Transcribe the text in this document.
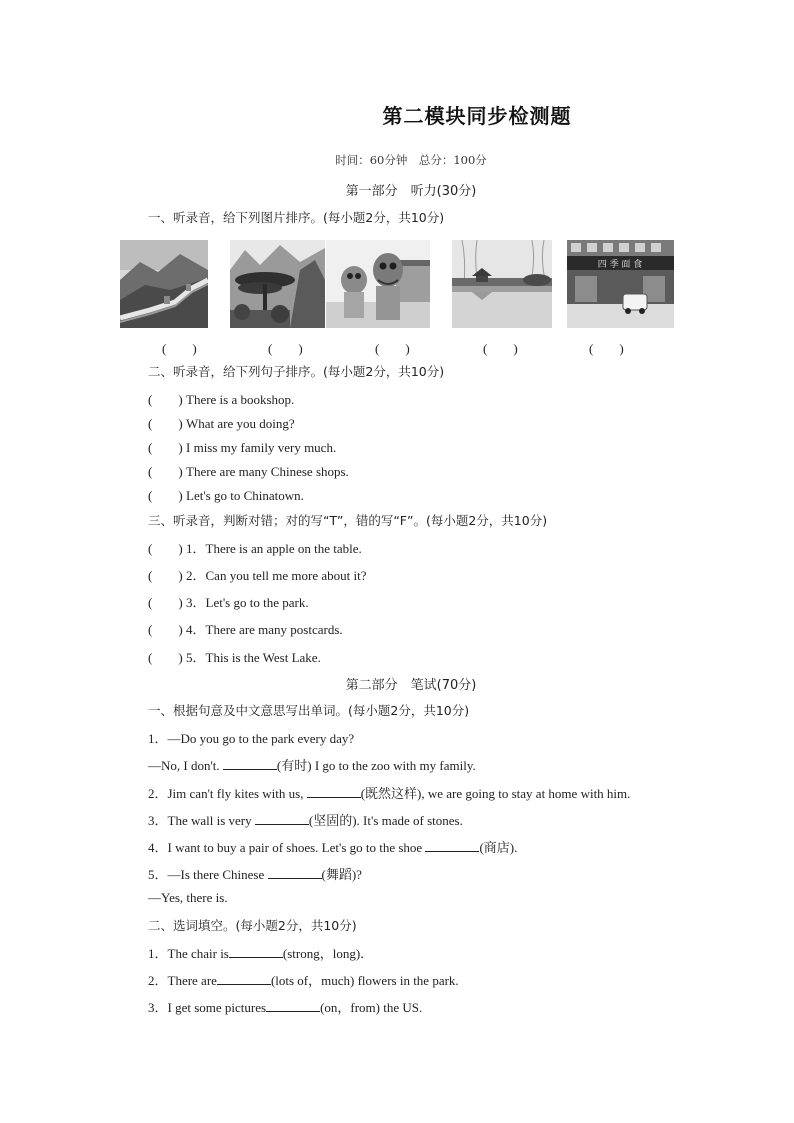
第二模块同步检测题
时间：60分钟　总分：100分
第一部分　听力(30分)
一、听录音，给下列图片排序。(每小题2分，共10分)
四 季 面 食
(　　)	(　　)	(　　)	(　　)	(　　)
二、听录音，给下列句子排序。(每小题2分，共10分)
(　　) There is a bookshop.
(　　) What are you doing?
(　　) I miss my family very much.
(　　) There are many Chinese shops.
(　　) Let's go to Chinatown.
三、听录音，判断对错；对的写“T”，错的写“F”。(每小题2分，共10分)
(　　) 1．There is an apple on the table.
(　　) 2．Can you tell me more about it?
(　　) 3．Let's go to the park.
(　　) 4．There are many postcards.
(　　) 5．This is the West Lake.
第二部分　笔试(70分)
一、根据句意及中文意思写出单词。(每小题2分，共10分)
1．—Do you go to the park every day?
—No, I don't.	(有时) I go to the zoo with my family.
2．Jim can't fly kites with us,	(既然这样), we are going to stay at home with him.
3．The wall is very	(坚固的). It's made of stones.
4．I want to buy a pair of shoes. Let's go to the shoe	(商店).
5．—Is there Chinese	(舞蹈)?
—Yes, there is.
二、选词填空。(每小题2分，共10分)
1．The chair is	(strong，long)．
2．There are	(lots of，much) flowers in the park.
3．I get some pictures	(on，from) the US.
